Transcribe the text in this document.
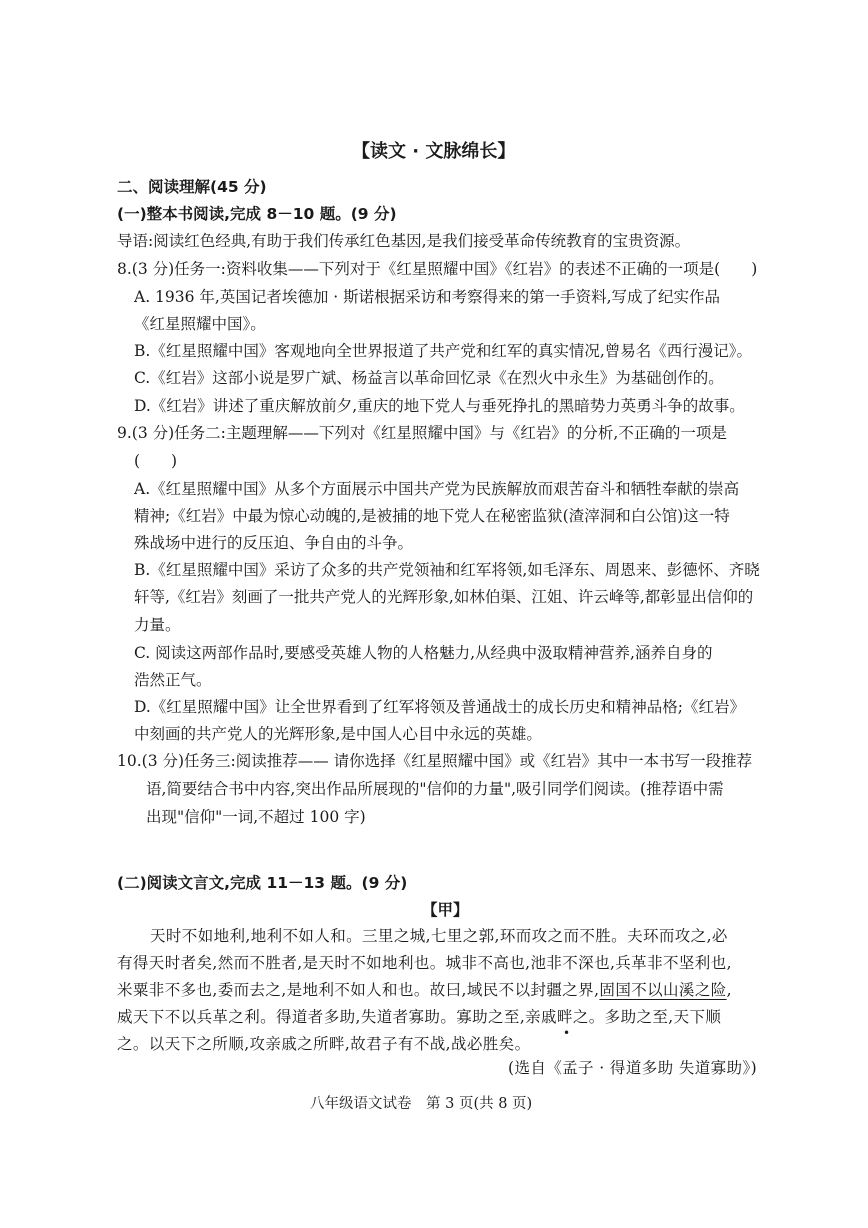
【读文 · 文脉绵长】
二、阅读理解(45 分)
(一)整本书阅读,完成 8－10 题。(9 分)
导语:阅读红色经典,有助于我们传承红色基因,是我们接受革命传统教育的宝贵资源。
8.(3 分)任务一:资料收集——下列对于《红星照耀中国》《红岩》的表述不正确的一项是(　　)
A. 1936 年,英国记者埃德加 · 斯诺根据采访和考察得来的第一手资料,写成了纪实作品
《红星照耀中国》。
B.《红星照耀中国》客观地向全世界报道了共产党和红军的真实情况,曾易名《西行漫记》。
C.《红岩》这部小说是罗广斌、杨益言以革命回忆录《在烈火中永生》为基础创作的。
D.《红岩》讲述了重庆解放前夕,重庆的地下党人与垂死挣扎的黑暗势力英勇斗争的故事。
9.(3 分)任务二:主题理解——下列对《红星照耀中国》与《红岩》的分析,不正确的一项是
(　　)
A.《红星照耀中国》从多个方面展示中国共产党为民族解放而艰苦奋斗和牺牲奉献的崇高
精神;《红岩》中最为惊心动魄的,是被捕的地下党人在秘密监狱(渣滓洞和白公馆)这一特
殊战场中进行的反压迫、争自由的斗争。
B.《红星照耀中国》采访了众多的共产党领袖和红军将领,如毛泽东、周恩来、彭德怀、齐晓
轩等,《红岩》刻画了一批共产党人的光辉形象,如林伯渠、江姐、许云峰等,都彰显出信仰的
力量。
C. 阅读这两部作品时,要感受英雄人物的人格魅力,从经典中汲取精神营养,涵养自身的
浩然正气。
D.《红星照耀中国》让全世界看到了红军将领及普通战士的成长历史和精神品格;《红岩》
中刻画的共产党人的光辉形象,是中国人心目中永远的英雄。
10.(3 分)任务三:阅读推荐—— 请你选择《红星照耀中国》或《红岩》其中一本书写一段推荐
语,简要结合书中内容,突出作品所展现的"信仰的力量",吸引同学们阅读。(推荐语中需
出现"信仰"一词,不超过 100 字)
(二)阅读文言文,完成 11－13 题。(9 分)
【甲】
天时不如地利,地利不如人和。三里之城,七里之郭,环而攻之而不胜。夫环而攻之,必
有得天时者矣,然而不胜者,是天时不如地利也。城非不高也,池非不深也,兵革非不坚利也,
米粟非不多也,委而去之,是地利不如人和也。故曰,域民不以封疆之界,固国不以山溪之险,
威天下不以兵革之利。得道者多助,失道者寡助。寡助之至,亲戚畔
•
之。多助之至,天下顺
之。以天下之所顺,攻亲戚之所畔,故君子有不战,战必胜矣。
(选自《孟子 · 得道多助 失道寡助》)
八年级语文试卷　第 3 页(共 8 页)
